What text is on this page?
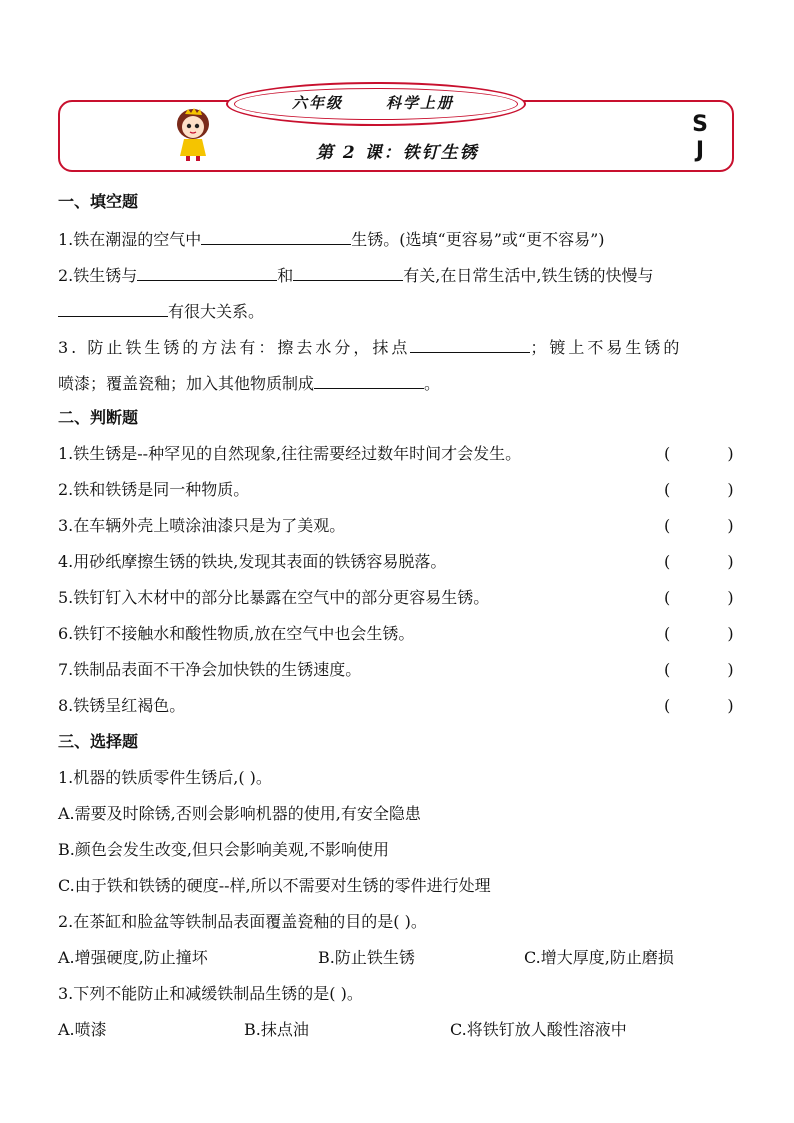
六年级	科学上册
第 2 课：铁钉生锈
S
J
一、填空题
1.铁在潮湿的空气中	生锈。(选填“更容易”或“更不容易”)
2.铁生锈与	和	有关,在日常生活中,铁生锈的快慢与
有很大关系。
3. 防止铁生锈的方法有：擦去水分，抹点	；镀上不易生锈的
喷漆；覆盖瓷釉；加入其他物质制成	。
二、判断题
1.铁生锈是--种罕见的自然现象,往往需要经过数年时间才会发生。	( )
2.铁和铁锈是同一种物质。	( )
3.在车辆外壳上喷涂油漆只是为了美观。	( )
4.用砂纸摩擦生锈的铁块,发现其表面的铁锈容易脱落。	( )
5.铁钉钉入木材中的部分比暴露在空气中的部分更容易生锈。	( )
6.铁钉不接触水和酸性物质,放在空气中也会生锈。	( )
7.铁制品表面不干净会加快铁的生锈速度。	( )
8.铁锈呈红褐色。	( )
三、选择题
1.机器的铁质零件生锈后,( )。
A.需要及时除锈,否则会影响机器的使用,有安全隐患
B.颜色会发生改变,但只会影响美观,不影响使用
C.由于铁和铁锈的硬度--样,所以不需要对生锈的零件进行处理
2.在茶缸和脸盆等铁制品表面覆盖瓷釉的目的是( )。
A.增强硬度,防止撞坏	B.防止铁生锈	C.增大厚度,防止磨损
3.下列不能防止和减缓铁制品生锈的是( )。
A.喷漆	B.抹点油	C.将铁钉放人酸性溶液中
